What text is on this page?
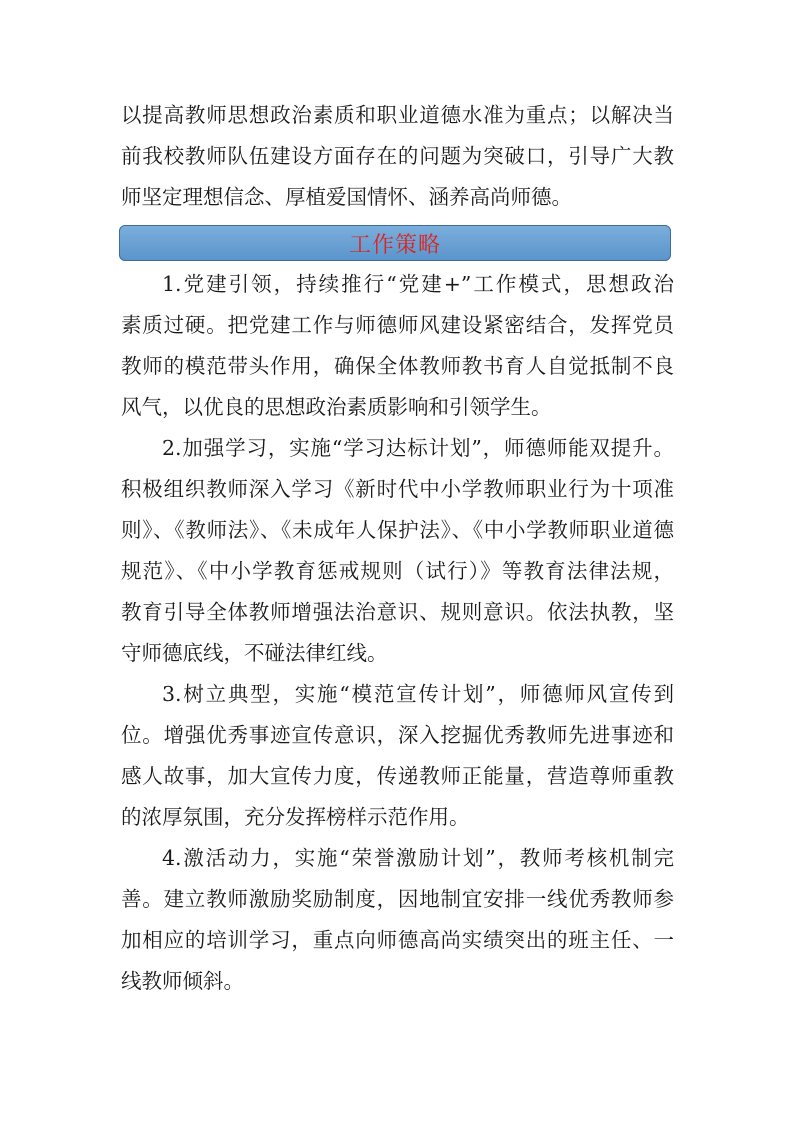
以提高教师思想政治素质和职业道德水准为重点；以解决当
前我校教师队伍建设方面存在的问题为突破口，引导广大教
师坚定理想信念、厚植爱国情怀、涵养高尚师德。
工作策略
1.党建引领，持续推行“党建+”工作模式，思想政治
素质过硬。把党建工作与师德师风建设紧密结合，发挥党员
教师的模范带头作用，确保全体教师教书育人自觉抵制不良
风气，以优良的思想政治素质影响和引领学生。
2.加强学习，实施“学习达标计划”，师德师能双提升。
积极组织教师深入学习《新时代中小学教师职业行为十项准
则》、《教师法》、《未成年人保护法》、《中小学教师职业道德
规范》、《中小学教育惩戒规则（试行）》等教育法律法规，
教育引导全体教师增强法治意识、规则意识。依法执教，坚
守师德底线，不碰法律红线。
3.树立典型，实施“模范宣传计划”，师德师风宣传到
位。增强优秀事迹宣传意识，深入挖掘优秀教师先进事迹和
感人故事，加大宣传力度，传递教师正能量，营造尊师重教
的浓厚氛围，充分发挥榜样示范作用。
4.激活动力，实施“荣誉激励计划”，教师考核机制完
善。建立教师激励奖励制度，因地制宜安排一线优秀教师参
加相应的培训学习，重点向师德高尚实绩突出的班主任、一
线教师倾斜。
